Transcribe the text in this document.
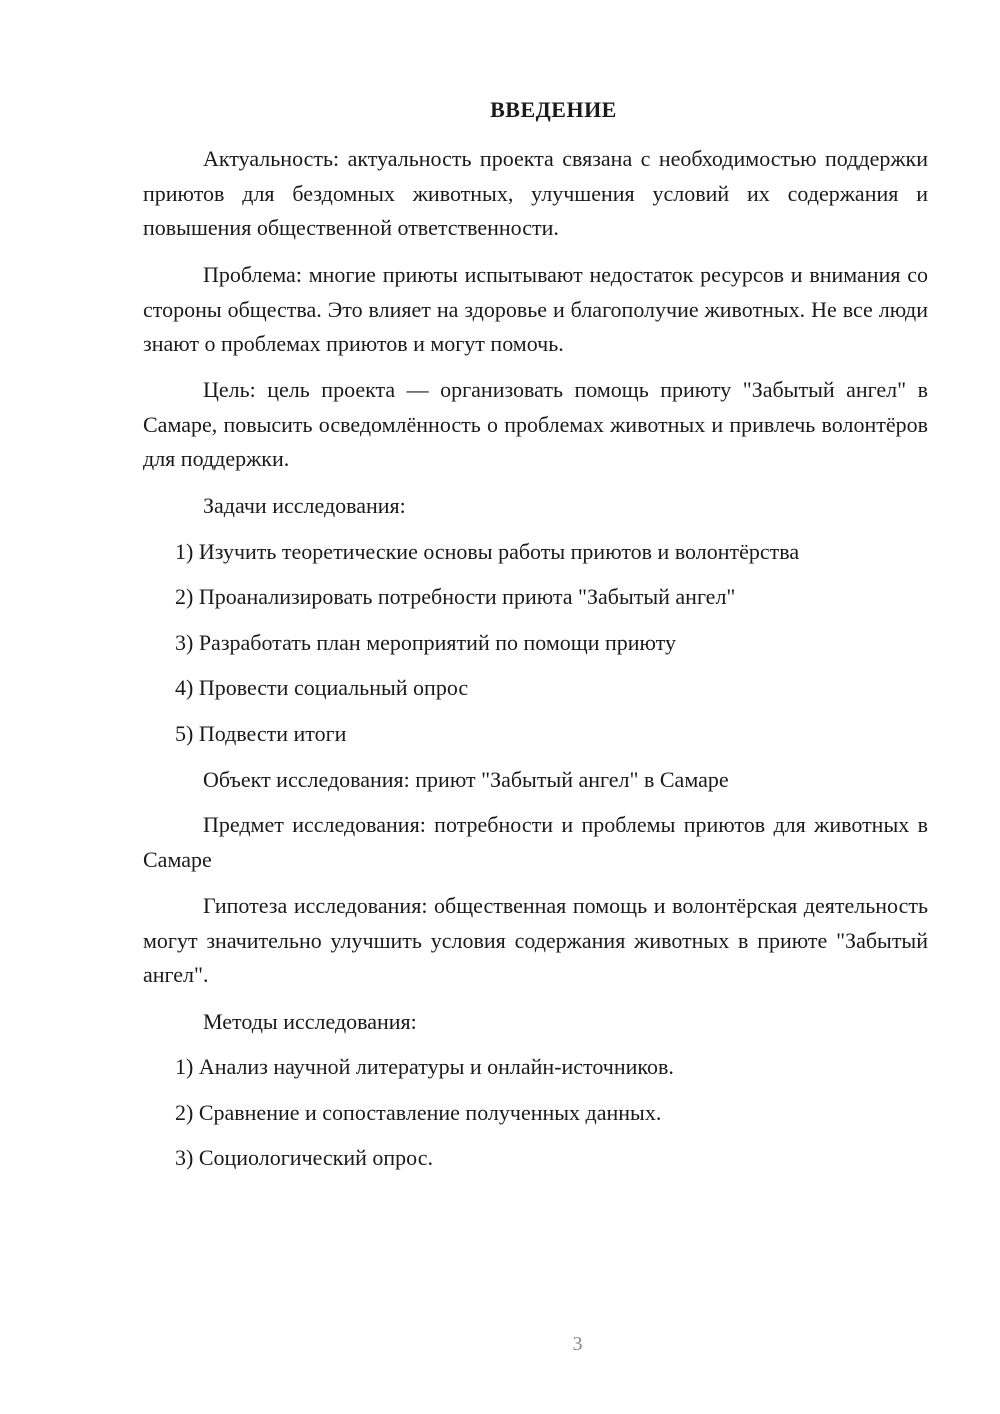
ВВЕДЕНИЕ

Актуальность: актуальность проекта связана с необходимостью поддержки приютов для бездомных животных, улучшения условий их содержания и повышения общественной ответственности.

Проблема: многие приюты испытывают недостаток ресурсов и внимания со стороны общества. Это влияет на здоровье и благополучие животных. Не все люди знают о проблемах приютов и могут помочь.

Цель: цель проекта — организовать помощь приюту "Забытый ангел" в Самаре, повысить осведомлённость о проблемах животных и привлечь волонтёров для поддержки.

Задачи исследования:

1) Изучить теоретические основы работы приютов и волонтёрства

2) Проанализировать потребности приюта "Забытый ангел"

3) Разработать план мероприятий по помощи приюту

4) Провести социальный опрос

5) Подвести итоги

Объект исследования: приют "Забытый ангел" в Самаре

Предмет исследования: потребности и проблемы приютов для животных в Самаре

Гипотеза исследования: общественная помощь и волонтёрская деятельность могут значительно улучшить условия содержания животных в приюте "Забытый ангел".

Методы исследования:

1) Анализ научной литературы и онлайн-источников.

2) Сравнение и сопоставление полученных данных.

3) Социологический опрос.

3
